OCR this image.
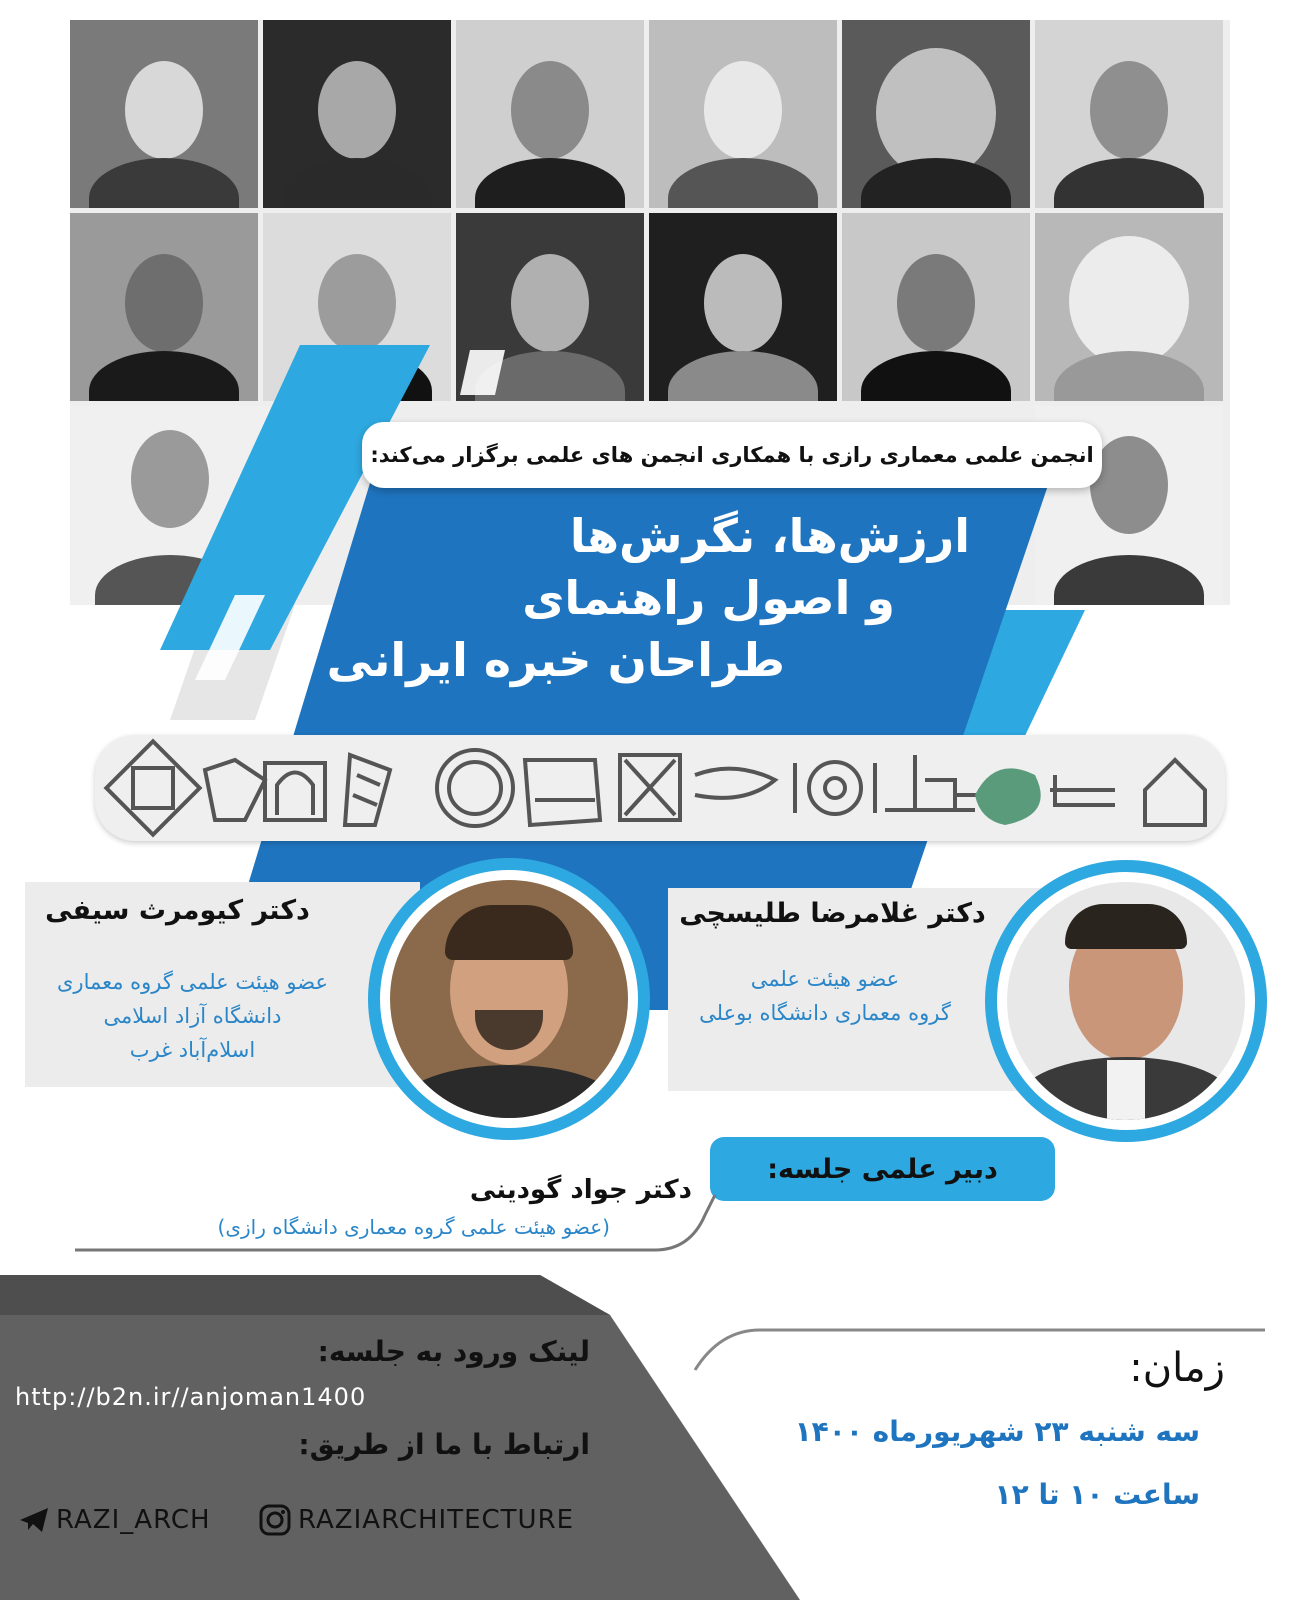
انجمن علمی معماری رازی با همکاری انجمن های علمی برگزار می‌کند:
ارزش‌ها، نگرش‌ها
و اصول راهنمای
طراحان خبره ایرانی
دکتر کیومرث سیفی
عضو هیئت علمی گروه معماری
دانشگاه آزاد اسلامی
اسلام‌آباد غرب
دکتر غلامرضا طلیسچی
عضو هیئت علمی
گروه معماری دانشگاه بوعلی
دبیر علمی جلسه:
دکتر جواد گودینی
(عضو هیئت علمی گروه معماری دانشگاه رازی)
لینک ورود به جلسه:
http://b2n.ir//anjoman1400
ارتباط با ما از طریق:
RAZI_ARCH	RAZIARCHITECTURE
زمان:
سه شنبه ۲۳ شهریورماه ۱۴۰۰
ساعت ۱۰ تا ۱۲
